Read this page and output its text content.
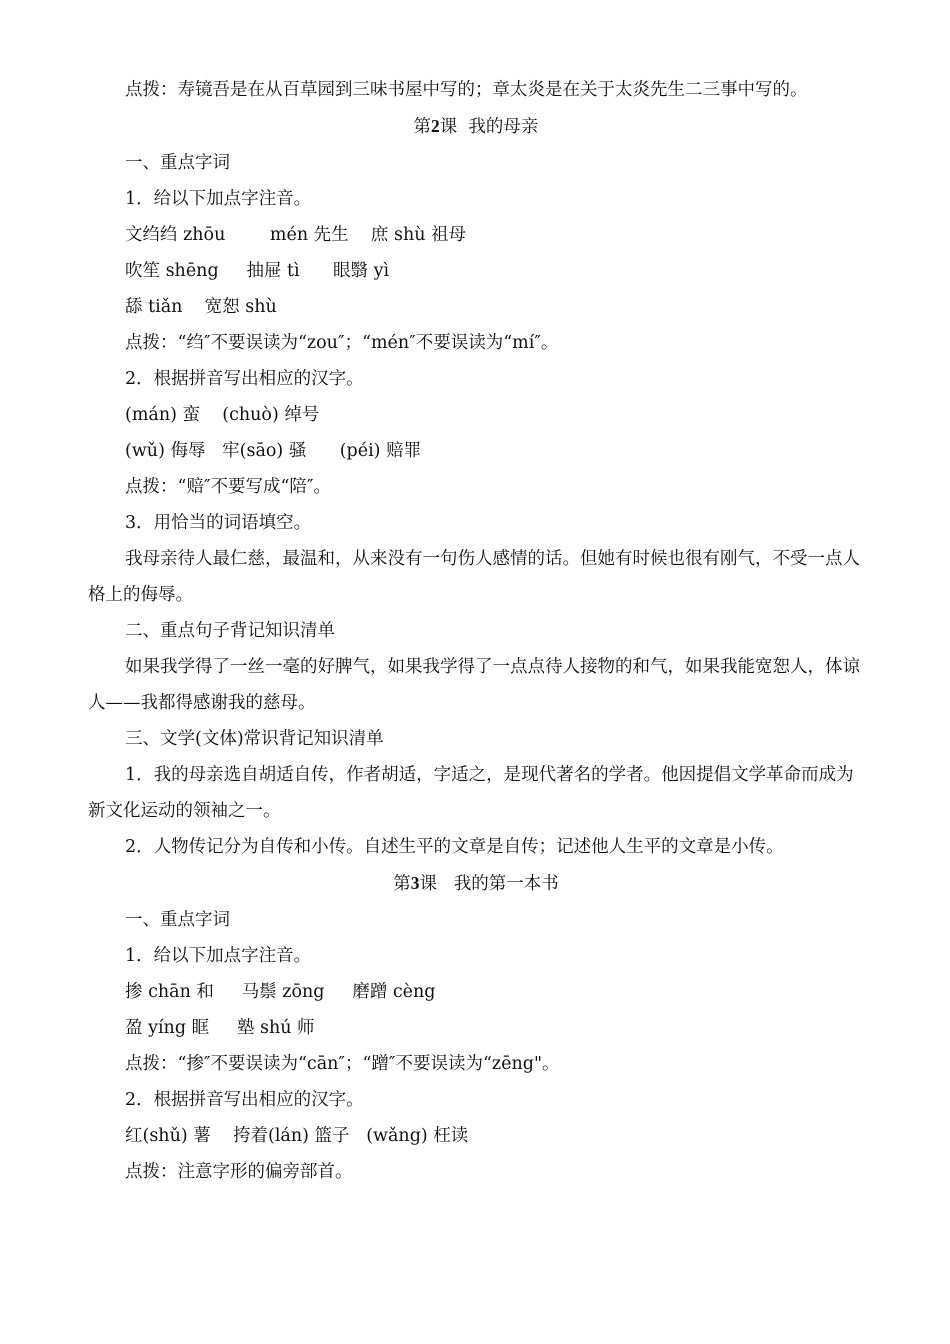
点拨：寿镜吾是在从百草园到三味书屋中写的；章太炎是在关于太炎先生二三事中写的。

第2课  我的母亲

一、重点字词

1．给以下加点字注音。

文绉绉 zhōu        mén 先生    庶 shù 祖母

吹笙 shēng     抽屉 tì      眼翳 yì

舔 tiǎn    宽恕 shù

点拨：“绉″不要误读为“zou″；“mén″不要误读为“mí″。

2．根据拼音写出相应的汉字。

(mán) 蛮    (chuò) 绰号

(wǔ) 侮辱   牢(sāo) 骚      (péi) 赔罪

点拨：“赔″不要写成“陪″。

3．用恰当的词语填空。

我母亲待人最仁慈，最温和，从来没有一句伤人感情的话。但她有时候也很有刚气，不受一点人格上的侮辱。

二、重点句子背记知识清单

如果我学得了一丝一毫的好脾气，如果我学得了一点点待人接物的和气，如果我能宽恕人，体谅人——我都得感谢我的慈母。

三、文学(文体)常识背记知识清单

1．我的母亲选自胡适自传，作者胡适，字适之，是现代著名的学者。他因提倡文学革命而成为新文化运动的领袖之一。

2．人物传记分为自传和小传。自述生平的文章是自传；记述他人生平的文章是小传。

第3课   我的第一本书

一、重点字词

1．给以下加点字注音。

掺 chān 和     马鬃 zōng     磨蹭 cèng

盈 yíng 眶     塾 shú 师

点拨：“掺″不要误读为“cān″；“蹭″不要误读为“zēng"。

2．根据拼音写出相应的汉字。

红(shǔ) 薯    挎着(lán) 篮子   (wǎng) 枉读

点拨：注意字形的偏旁部首。
